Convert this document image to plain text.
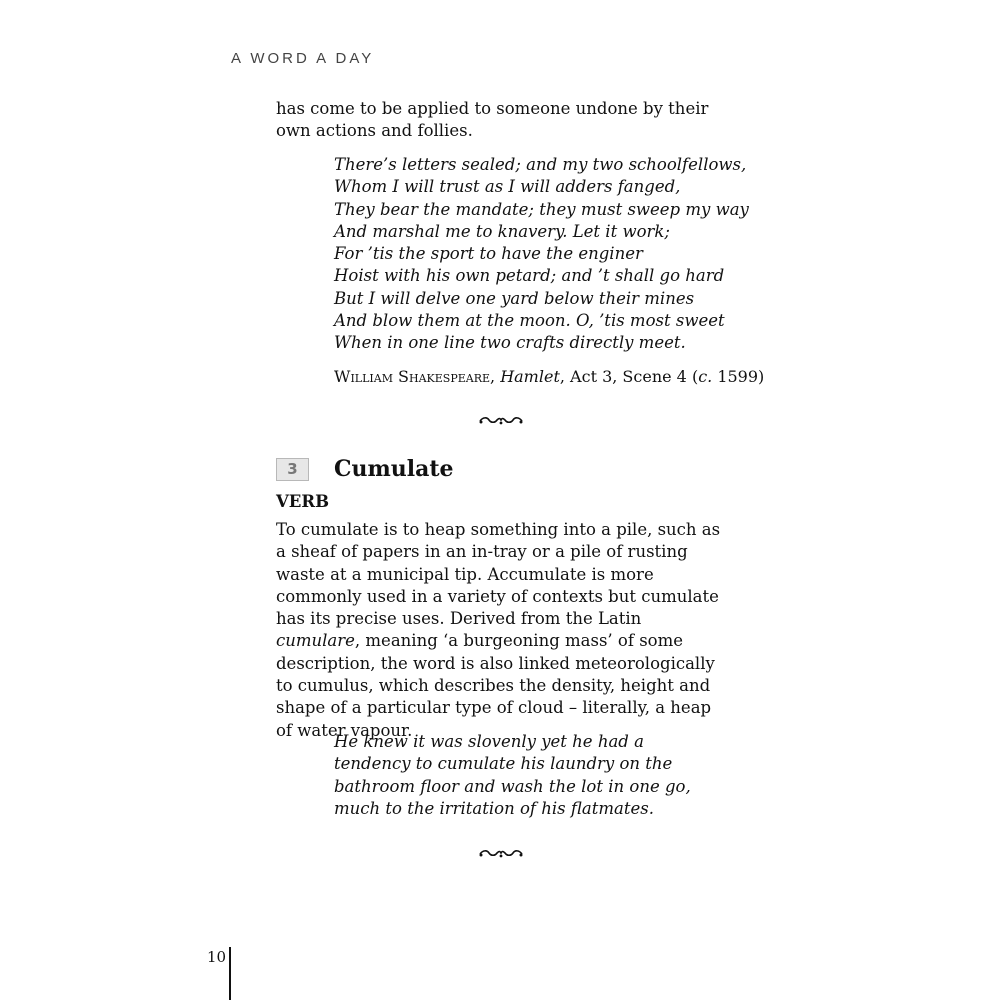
A WORD A DAY

has come to be applied to someone undone by their own actions and follies.

There’s letters sealed; and my two schoolfellows,
Whom I will trust as I will adders fanged,
They bear the mandate; they must sweep my way
And marshal me to knavery. Let it work;
For ’tis the sport to have the enginer
Hoist with his own petard; and ’t shall go hard
But I will delve one yard below their mines
And blow them at the moon. O, ’tis most sweet
When in one line two crafts directly meet.
William Shakespeare, Hamlet, Act 3, Scene 4 (c. 1599)
3	Cumulate
VERB

To cumulate is to heap something into a pile, such as a sheaf of papers in an in-tray or a pile of rusting waste at a municipal tip. Accumulate is more commonly used in a variety of contexts but cumulate has its precise uses. Derived from the Latin cumulare, meaning ‘a burgeoning mass’ of some description, the word is also linked meteorologically to cumulus, which describes the density, height and shape of a particular type of cloud – literally, a heap of water vapour.

He knew it was slovenly yet he had a tendency to cumulate his laundry on the bathroom floor and wash the lot in one go, much to the irritation of his flatmates.
10
